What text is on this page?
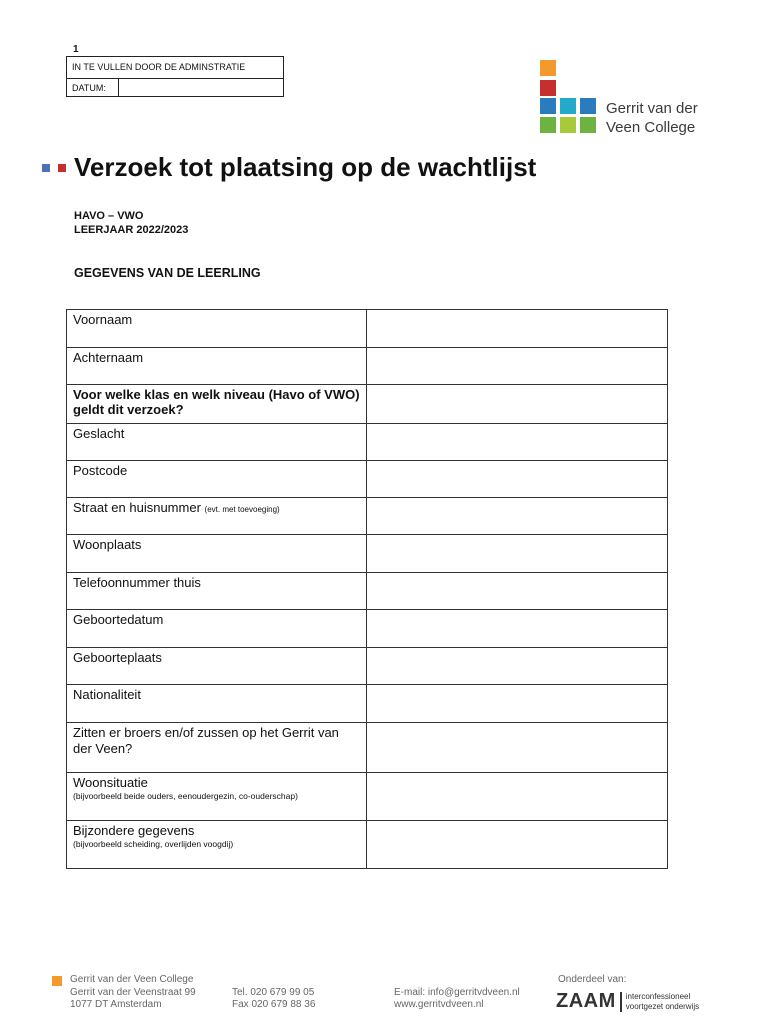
1
IN TE VULLEN DOOR DE ADMINSTRATIE
DATUM:
Gerrit van der
Veen College
Verzoek tot plaatsing op de wachtlijst
HAVO – VWO
LEERJAAR 2022/2023
GEGEVENS VAN DE LEERLING
Voornaam	
Achternaam	
Voor welke klas en welk niveau (Havo of VWO) geldt dit verzoek?	
Geslacht	
Postcode	
Straat en huisnummer (evt. met toevoeging)	
Woonplaats	
Telefoonnummer thuis	
Geboortedatum	
Geboorteplaats	
Nationaliteit	
Zitten er broers en/of zussen op het Gerrit van der Veen?	
Woonsituatie
(bijvoorbeeld beide ouders, eenoudergezin, co-ouderschap)	

Bijzondere gegevens
(bijvoorbeeld scheiding, overlijden voogdij)	

Gerrit van der Veen College
Gerrit van der Veenstraat 99
1077 DT Amsterdam
Tel. 020 679 99 05
Fax 020 679 88 36
E-mail: info@gerritvdveen.nl
www.gerritvdveen.nl
Onderdeel van:
ZAAM interconfessioneel
voortgezet onderwijs
